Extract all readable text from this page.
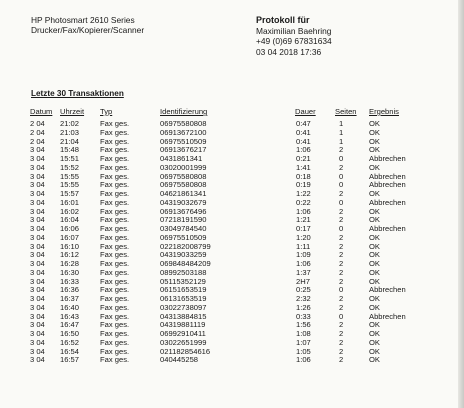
HP Photosmart 2610 Series
Drucker/Fax/Kopierer/Scanner
Protokoll für
Maximilian Baehring
+49 (0)69 67831634
03 04 2018 17:36
Letzte 30 Transaktionen
Datum	Uhrzeit	Typ	Identifizierung	Dauer	Seiten	Ergebnis
2 04	21:02	Fax ges.	06975580808	0:47	1	OK
2 04	21:03	Fax ges.	06913672100	0:41	1	OK
2 04	21:04	Fax ges.	06975510509	0:41	1	OK
3 04	15:48	Fax ges.	06913676217	1:06	2	OK
3 04	15:51	Fax ges.	0431861341	0:21	0	Abbrechen
3 04	15:52	Fax ges.	03020001999	1:41	2	OK
3 04	15:55	Fax ges.	06975580808	0:18	0	Abbrechen
3 04	15:55	Fax ges.	06975580808	0:19	0	Abbrechen
3 04	15:57	Fax ges.	04621861341	1:22	2	OK
3 04	16:01	Fax ges.	04319032679	0:22	0	Abbrechen
3 04	16:02	Fax ges.	06913676496	1:06	2	OK
3 04	16:04	Fax ges.	07218191590	1:21	2	OK
3 04	16:06	Fax ges.	03049784540	0:17	0	Abbrechen
3 04	16:07	Fax ges.	06975510509	1:20	2	OK
3 04	16:10	Fax ges.	022182008799	1:11	2	OK
3 04	16:12	Fax ges.	04319033259	1:09	2	OK
3 04	16:28	Fax ges.	069848484209	1:06	2	OK
3 04	16:30	Fax ges.	08992503188	1:37	2	OK
3 04	16:33	Fax ges.	05115352129	2H7	2	OK
3 04	16:36	Fax ges.	06151653519	0:25	0	Abbrechen
3 04	16:37	Fax ges.	06131653519	2:32	2	OK
3 04	16:40	Fax ges.	03022738097	1:26	2	OK
3 04	16:43	Fax ges.	04313884815	0:33	0	Abbrechen
3 04	16:47	Fax ges.	04319881119	1:56	2	OK
3 04	16:50	Fax ges.	06992910411	1:08	2	OK
3 04	16:52	Fax ges.	03022651999	1:07	2	OK
3 04	16:54	Fax ges.	021182854616	1:05	2	OK
3 04	16:57	Fax ges.	040445258	1:06	2	OK
